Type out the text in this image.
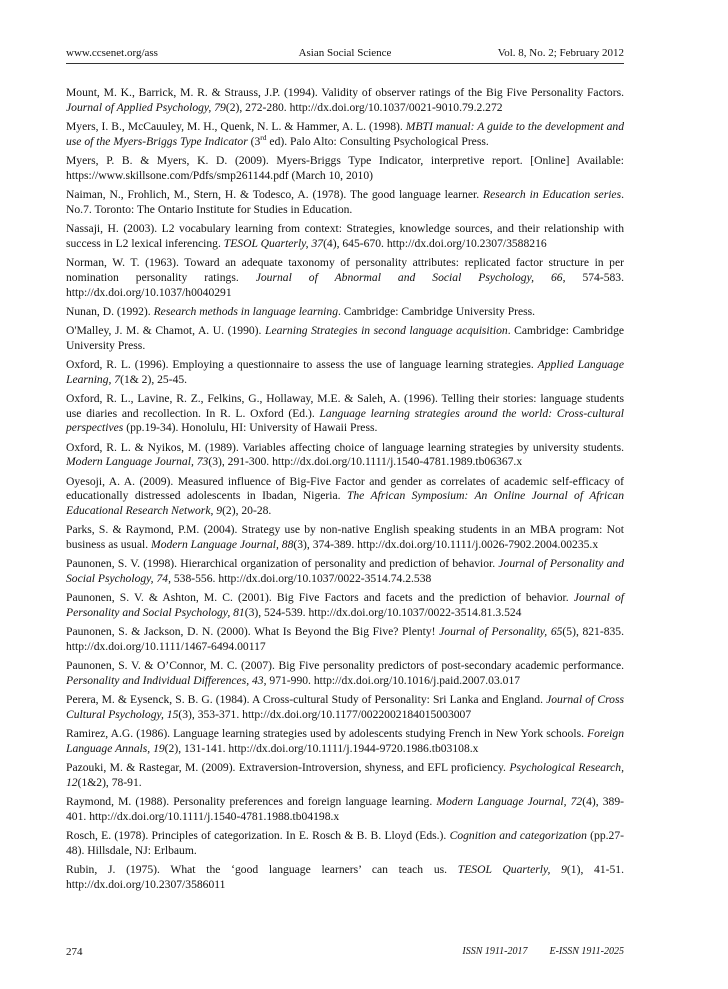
www.ccsenet.org/ass	Asian Social Science	Vol. 8, No. 2; February 2012

Mount, M. K., Barrick, M. R. & Strauss, J.P. (1994). Validity of observer ratings of the Big Five Personality Factors. Journal of Applied Psychology, 79(2), 272-280. http://dx.doi.org/10.1037/0021-9010.79.2.272

Myers, I. B., McCauuley, M. H., Quenk, N. L. & Hammer, A. L. (1998). MBTI manual: A guide to the development and use of the Myers-Briggs Type Indicator (3rd ed). Palo Alto: Consulting Psychological Press.

Myers, P. B. & Myers, K. D. (2009). Myers-Briggs Type Indicator, interpretive report. [Online] Available: https://www.skillsone.com/Pdfs/smp261144.pdf (March 10, 2010)

Naiman, N., Frohlich, M., Stern, H. & Todesco, A. (1978). The good language learner. Research in Education series. No.7. Toronto: The Ontario Institute for Studies in Education.

Nassaji, H. (2003). L2 vocabulary learning from context: Strategies, knowledge sources, and their relationship with success in L2 lexical inferencing. TESOL Quarterly, 37(4), 645-670. http://dx.doi.org/10.2307/3588216

Norman, W. T. (1963). Toward an adequate taxonomy of personality attributes: replicated factor structure in per nomination personality ratings. Journal of Abnormal and Social Psychology, 66, 574-583. http://dx.doi.org/10.1037/h0040291

Nunan, D. (1992). Research methods in language learning. Cambridge: Cambridge University Press.

O'Malley, J. M. & Chamot, A. U. (1990). Learning Strategies in second language acquisition. Cambridge: Cambridge University Press.

Oxford, R. L. (1996). Employing a questionnaire to assess the use of language learning strategies. Applied Language Learning, 7(1& 2), 25-45.

Oxford, R. L., Lavine, R. Z., Felkins, G., Hollaway, M.E. & Saleh, A. (1996). Telling their stories: language students use diaries and recollection. In R. L. Oxford (Ed.). Language learning strategies around the world: Cross-cultural perspectives (pp.19-34). Honolulu, HI: University of Hawaii Press.

Oxford, R. L. & Nyikos, M. (1989). Variables affecting choice of language learning strategies by university students. Modern Language Journal, 73(3), 291-300. http://dx.doi.org/10.1111/j.1540-4781.1989.tb06367.x

Oyesoji, A. A. (2009). Measured influence of Big-Five Factor and gender as correlates of academic self-efficacy of educationally distressed adolescents in Ibadan, Nigeria. The African Symposium: An Online Journal of African Educational Research Network, 9(2), 20-28.

Parks, S. & Raymond, P.M. (2004). Strategy use by non-native English speaking students in an MBA program: Not business as usual. Modern Language Journal, 88(3), 374-389. http://dx.doi.org/10.1111/j.0026-7902.2004.00235.x

Paunonen, S. V. (1998). Hierarchical organization of personality and prediction of behavior. Journal of Personality and Social Psychology, 74, 538-556. http://dx.doi.org/10.1037/0022-3514.74.2.538

Paunonen, S. V. & Ashton, M. C. (2001). Big Five Factors and facets and the prediction of behavior. Journal of Personality and Social Psychology, 81(3), 524-539. http://dx.doi.org/10.1037/0022-3514.81.3.524

Paunonen, S. & Jackson, D. N. (2000). What Is Beyond the Big Five? Plenty! Journal of Personality, 65(5), 821-835. http://dx.doi.org/10.1111/1467-6494.00117

Paunonen, S. V. & O’Connor, M. C. (2007). Big Five personality predictors of post-secondary academic performance. Personality and Individual Differences, 43, 971-990. http://dx.doi.org/10.1016/j.paid.2007.03.017

Perera, M. & Eysenck, S. B. G. (1984). A Cross-cultural Study of Personality: Sri Lanka and England. Journal of Cross Cultural Psychology, 15(3), 353-371. http://dx.doi.org/10.1177/0022002184015003007

Ramirez, A.G. (1986). Language learning strategies used by adolescents studying French in New York schools. Foreign Language Annals, 19(2), 131-141. http://dx.doi.org/10.1111/j.1944-9720.1986.tb03108.x

Pazouki, M. & Rastegar, M. (2009). Extraversion-Introversion, shyness, and EFL proficiency. Psychological Research, 12(1&2), 78-91.

Raymond, M. (1988). Personality preferences and foreign language learning. Modern Language Journal, 72(4), 389-401. http://dx.doi.org/10.1111/j.1540-4781.1988.tb04198.x

Rosch, E. (1978). Principles of categorization. In E. Rosch & B. B. Lloyd (Eds.). Cognition and categorization (pp.27-48). Hillsdale, NJ: Erlbaum.

Rubin, J. (1975). What the ‘good language learners’ can teach us. TESOL Quarterly, 9(1), 41-51. http://dx.doi.org/10.2307/3586011

274	ISSN 1911-2017 E-ISSN 1911-2025
